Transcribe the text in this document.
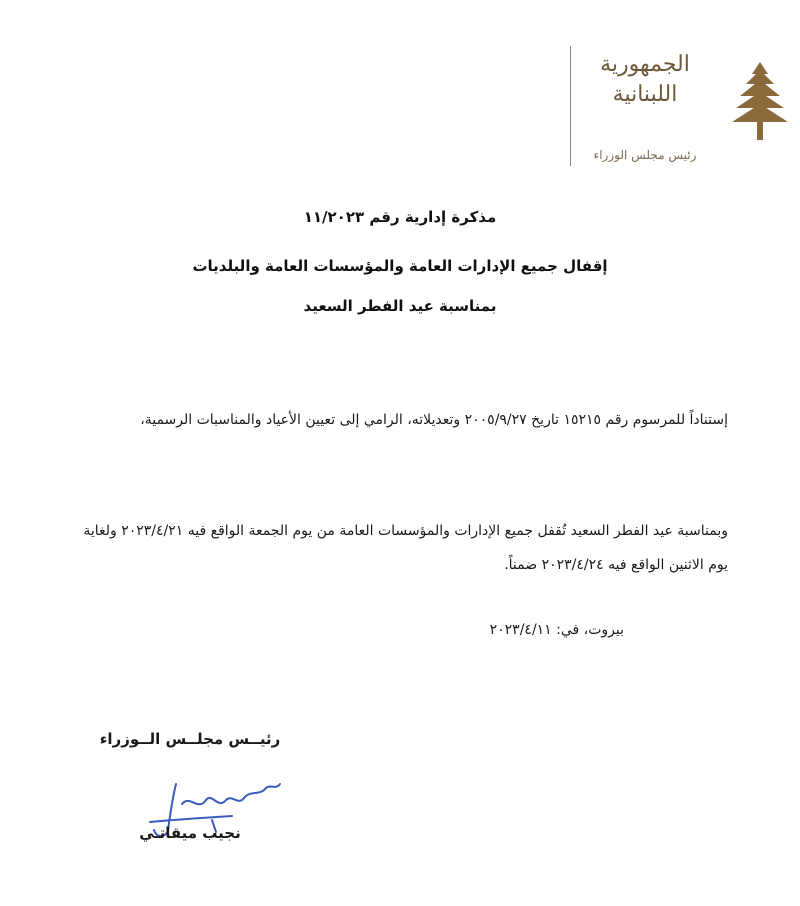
الجمهورية
اللبنانية
رئيس مجلس الوزراء
مذكرة إدارية رقم ١١/٢٠٢٣
إقفال جميع الإدارات العامة والمؤسسات العامة والبلديات
بمناسبة عيد الفطر السعيد
إستناداً للمرسوم رقم ١٥٢١٥ تاريخ ٢٠٠٥/٩/٢٧ وتعديلاته، الرامي إلى تعيين الأعياد والمناسبات الرسمية،
وبمناسبة عيد الفطر السعيد تُقفل جميع الإدارات والمؤسسات العامة من يوم الجمعة الواقع فيه ٢٠٢٣/٤/٢١ ولغاية يوم الاثنين الواقع فيه ٢٠٢٣/٤/٢٤ ضمناً.
بيروت، في: ٢٠٢٣/٤/١١
رئيــس مجلــس الــوزراء
نجيب ميقاتـي
